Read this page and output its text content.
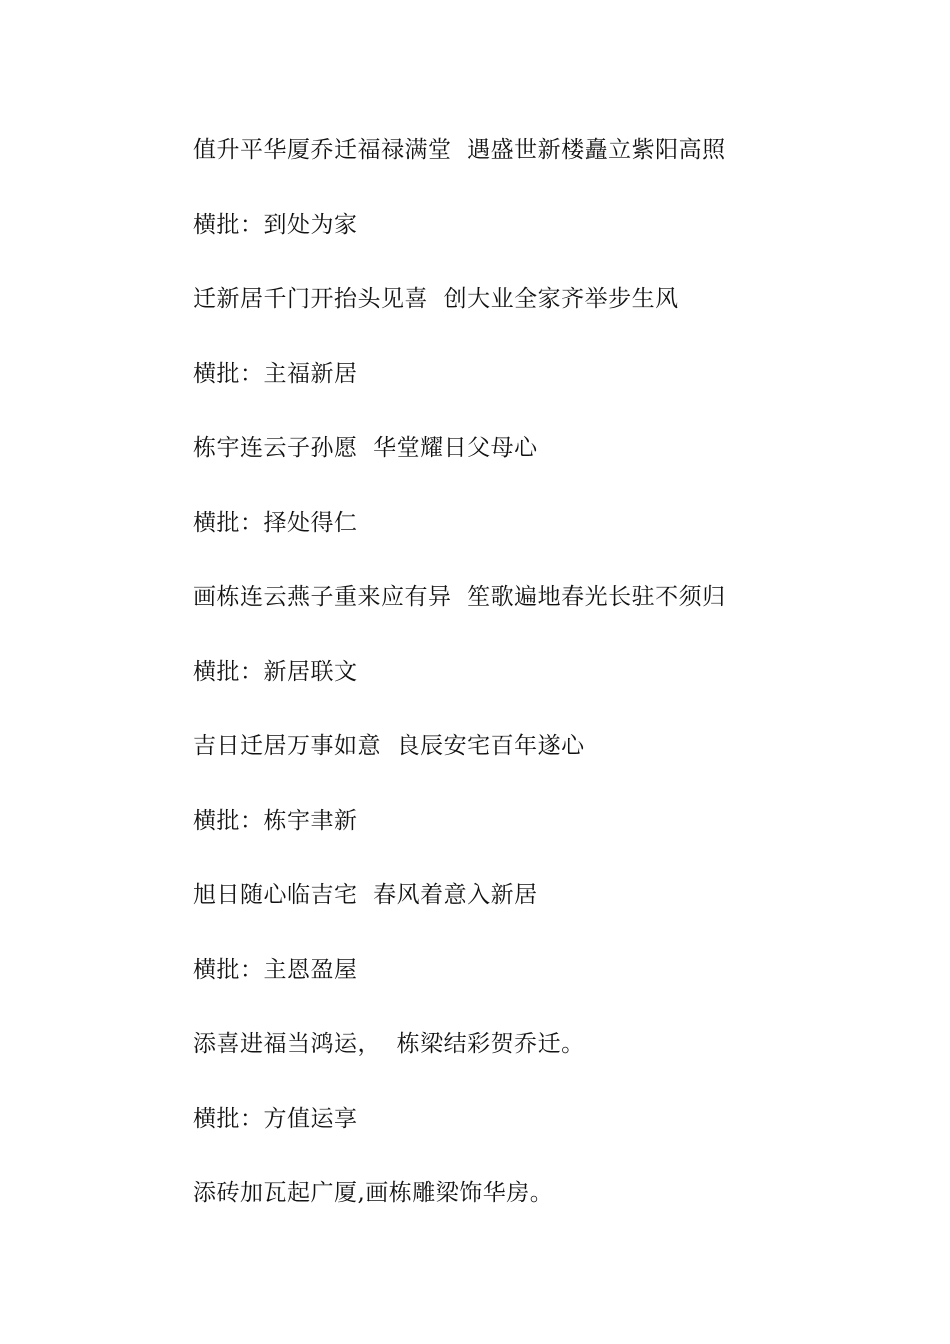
值升平华厦乔迁福禄满堂  遇盛世新楼矗立紫阳高照
横批：到处为家
迁新居千门开抬头见喜  创大业全家齐举步生风
横批：主福新居
栋宇连云子孙愿  华堂耀日父母心
横批：择处得仁
画栋连云燕子重来应有异  笙歌遍地春光长驻不须归
横批：新居联文
吉日迁居万事如意  良辰安宅百年遂心
横批：栋宇聿新
旭日随心临吉宅  春风着意入新居
横批：主恩盈屋
添喜进福当鸿运，  栋梁结彩贺乔迁。
横批：方值运享
添砖加瓦起广厦,画栋雕梁饰华房。
